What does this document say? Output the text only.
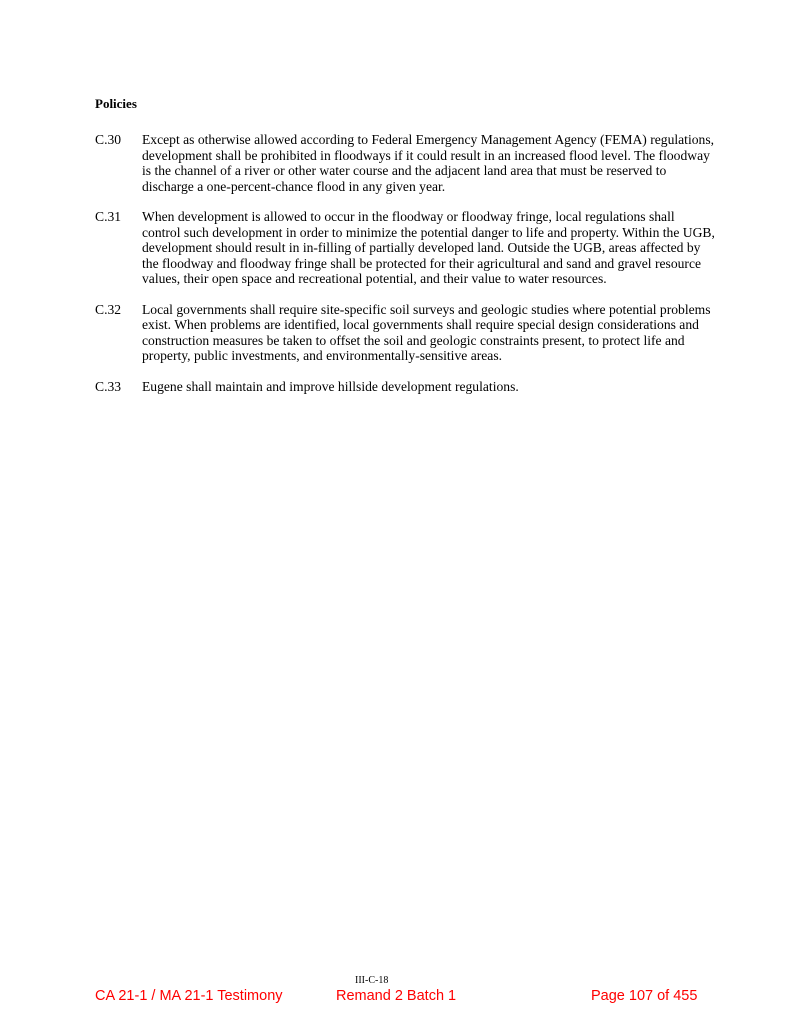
Policies
C.30	Except as otherwise allowed according to Federal Emergency Management Agency (FEMA) regulations, development shall be prohibited in floodways if it could result in an increased flood level. The floodway is the channel of a river or other water course and the adjacent land area that must be reserved to discharge a one-percent-chance flood in any given year.
C.31	When development is allowed to occur in the floodway or floodway fringe, local regulations shall control such development in order to minimize the potential danger to life and property. Within the UGB, development should result in in-filling of partially developed land. Outside the UGB, areas affected by the floodway and floodway fringe shall be protected for their agricultural and sand and gravel resource values, their open space and recreational potential, and their value to water resources.
C.32	Local governments shall require site-specific soil surveys and geologic studies where potential problems exist. When problems are identified, local governments shall require special design considerations and construction measures be taken to offset the soil and geologic constraints present, to protect life and property, public investments, and environmentally-sensitive areas.
C.33	Eugene shall maintain and improve hillside development regulations.
III-C-18
CA 21-1 / MA 21-1 Testimony	Remand 2 Batch 1	Page 107 of 455
